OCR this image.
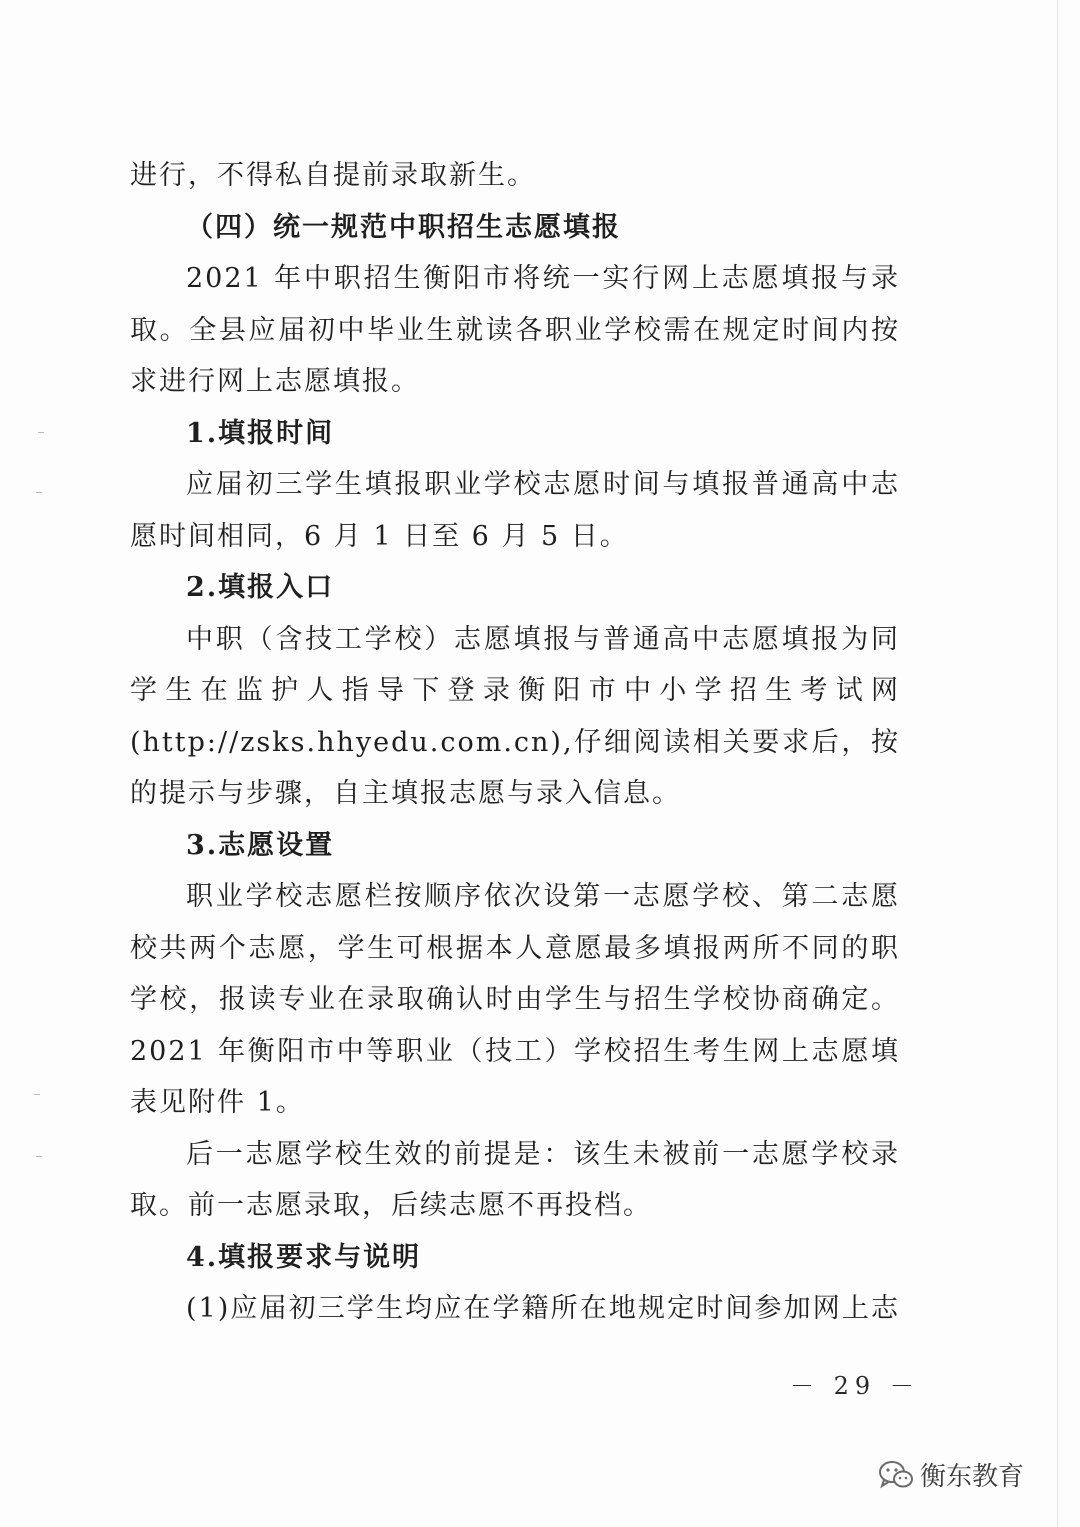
进行，不得私自提前录取新生。
（四）统一规范中职招生志愿填报
2021 年中职招生衡阳市将统一实行网上志愿填报与录
取。全县应届初中毕业生就读各职业学校需在规定时间内按
求进行网上志愿填报。
1.填报时间
应届初三学生填报职业学校志愿时间与填报普通高中志
愿时间相同，6 月 1 日至 6 月 5 日。
2.填报入口
中职（含技工学校）志愿填报与普通高中志愿填报为同
学生在监护人指导下登录衡阳市中小学招生考试网
(http://zsks.hhyedu.com.cn),仔细阅读相关要求后，按
的提示与步骤，自主填报志愿与录入信息。
3.志愿设置
职业学校志愿栏按顺序依次设第一志愿学校、第二志愿
校共两个志愿，学生可根据本人意愿最多填报两所不同的职
学校，报读专业在录取确认时由学生与招生学校协商确定。
2021 年衡阳市中等职业（技工）学校招生考生网上志愿填
表见附件 1。
后一志愿学校生效的前提是：该生未被前一志愿学校录
取。前一志愿录取，后续志愿不再投档。
4.填报要求与说明
(1)应届初三学生均应在学籍所在地规定时间参加网上志
－ 29 －
衡东教育
